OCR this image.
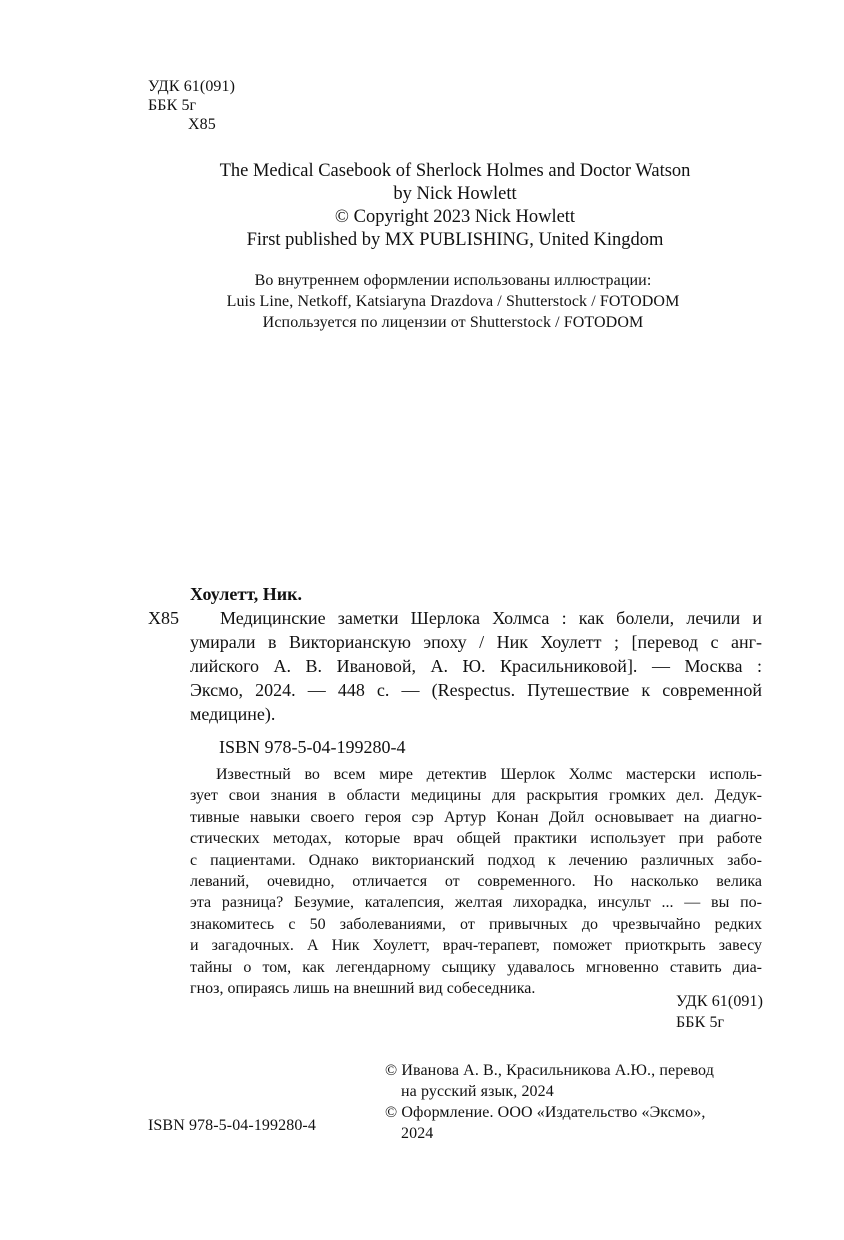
УДК 61(091)
ББК 5г
Х85
The Medical Casebook of Sherlock Holmes and Doctor Watson
by Nick Howlett
© Copyright 2023 Nick Howlett
First published by MX PUBLISHING, United Kingdom
Во внутреннем оформлении использованы иллюстрации:
Luis Line, Netkoff, Katsiaryna Drazdova / Shutterstock / FOTODOM
Используется по лицензии от Shutterstock / FOTODOM
Хоулетт, Ник.
Х85	Медицинские заметки Шерлока Холмса : как болели, лечили и
умирали в Викторианскую эпоху / Ник Хоулетт ; [перевод с анг-
лийского А. В. Ивановой, А. Ю. Красильниковой]. — Москва :
Эксмо, 2024. — 448 с. — (Respectus. Путешествие к современной
медицине).
ISBN 978-5-04-199280-4
Известный во всем мире детектив Шерлок Холмс мастерски исполь-
зует свои знания в области медицины для раскрытия громких дел. Дедук-
тивные навыки своего героя сэр Артур Конан Дойл основывает на диагно-
стических методах, которые врач общей практики использует при работе
с пациентами. Однако викторианский подход к лечению различных забо-
леваний, очевидно, отличается от современного. Но насколько велика
эта разница? Безумие, каталепсия, желтая лихорадка, инсульт ... — вы по-
знакомитесь с 50 заболеваниями, от привычных до чрезвычайно редких
и загадочных. А Ник Хоулетт, врач-терапевт, поможет приоткрыть завесу
тайны о том, как легендарному сыщику удавалось мгновенно ставить диа-
гноз, опираясь лишь на внешний вид собеседника.
УДК 61(091)
ББК 5г
ISBN 978-5-04-199280-4
© Иванова А. В., Красильникова А.Ю., перевод
на русский язык, 2024
© Оформление. ООО «Издательство «Эксмо»,
2024
